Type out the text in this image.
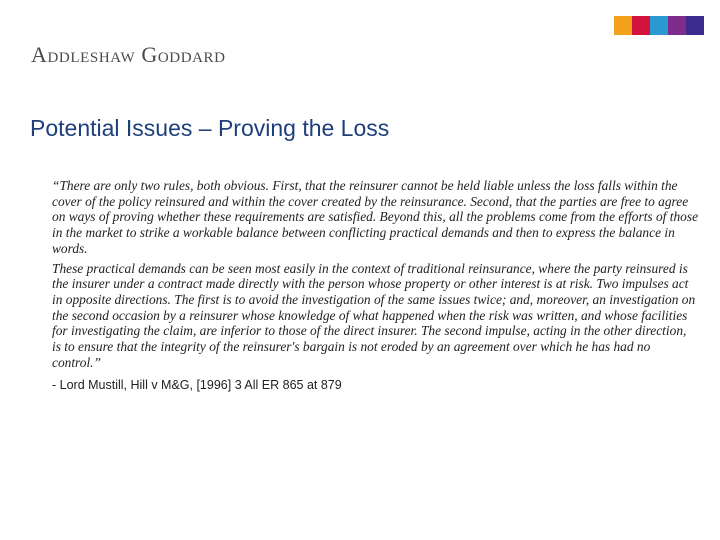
Addleshaw Goddard
Potential Issues – Proving the Loss

“There are only two rules, both obvious. First, that the reinsurer cannot be held liable unless the loss falls within the cover of the policy reinsured and within the cover created by the reinsurance. Second, that the parties are free to agree on ways of proving whether these requirements are satisfied. Beyond this, all the problems come from the efforts of those in the market to strike a workable balance between conflicting practical demands and then to express the balance in words.

These practical demands can be seen most easily in the context of traditional reinsurance, where the party reinsured is the insurer under a contract made directly with the person whose property or other interest is at risk. Two impulses act in opposite directions. The first is to avoid the investigation of the same issues twice; and, moreover, an investigation on the second occasion by a reinsurer whose knowledge of what happened when the risk was written, and whose facilities for investigating the claim, are inferior to those of the direct insurer. The second impulse, acting in the other direction, is to ensure that the integrity of the reinsurer's bargain is not eroded by an agreement over which he has had no control.”

- Lord Mustill, Hill v M&G, [1996] 3 All ER 865 at 879
